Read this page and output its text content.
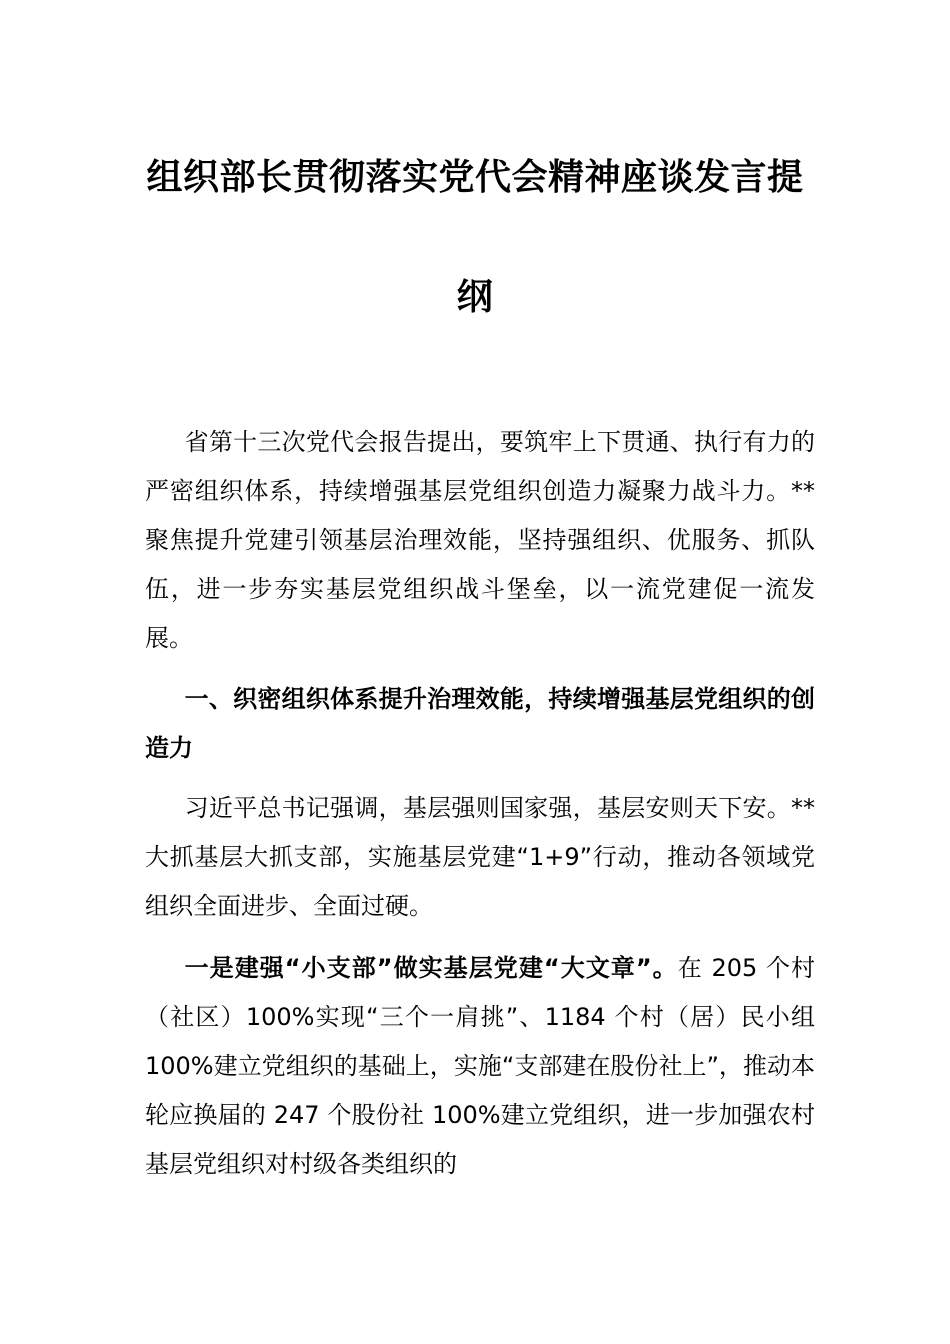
组织部长贯彻落实党代会精神座谈发言提
纲

省第十三次党代会报告提出，要筑牢上下贯通、执行有力的严密组织体系，持续增强基层党组织创造力凝聚力战斗力。**聚焦提升党建引领基层治理效能，坚持强组织、优服务、抓队伍，进一步夯实基层党组织战斗堡垒，以一流党建促一流发展。

一、织密组织体系提升治理效能，持续增强基层党组织的创造力

习近平总书记强调，基层强则国家强，基层安则天下安。**大抓基层大抓支部，实施基层党建“1+9”行动，推动各领域党组织全面进步、全面过硬。

一是建强“小支部”做实基层党建“大文章”。在 205 个村（社区）100%实现“三个一肩挑”、1184 个村（居）民小组 100%建立党组织的基础上，实施“支部建在股份社上”，推动本轮应换届的 247 个股份社 100%建立党组织，进一步加强农村基层党组织对村级各类组织的
